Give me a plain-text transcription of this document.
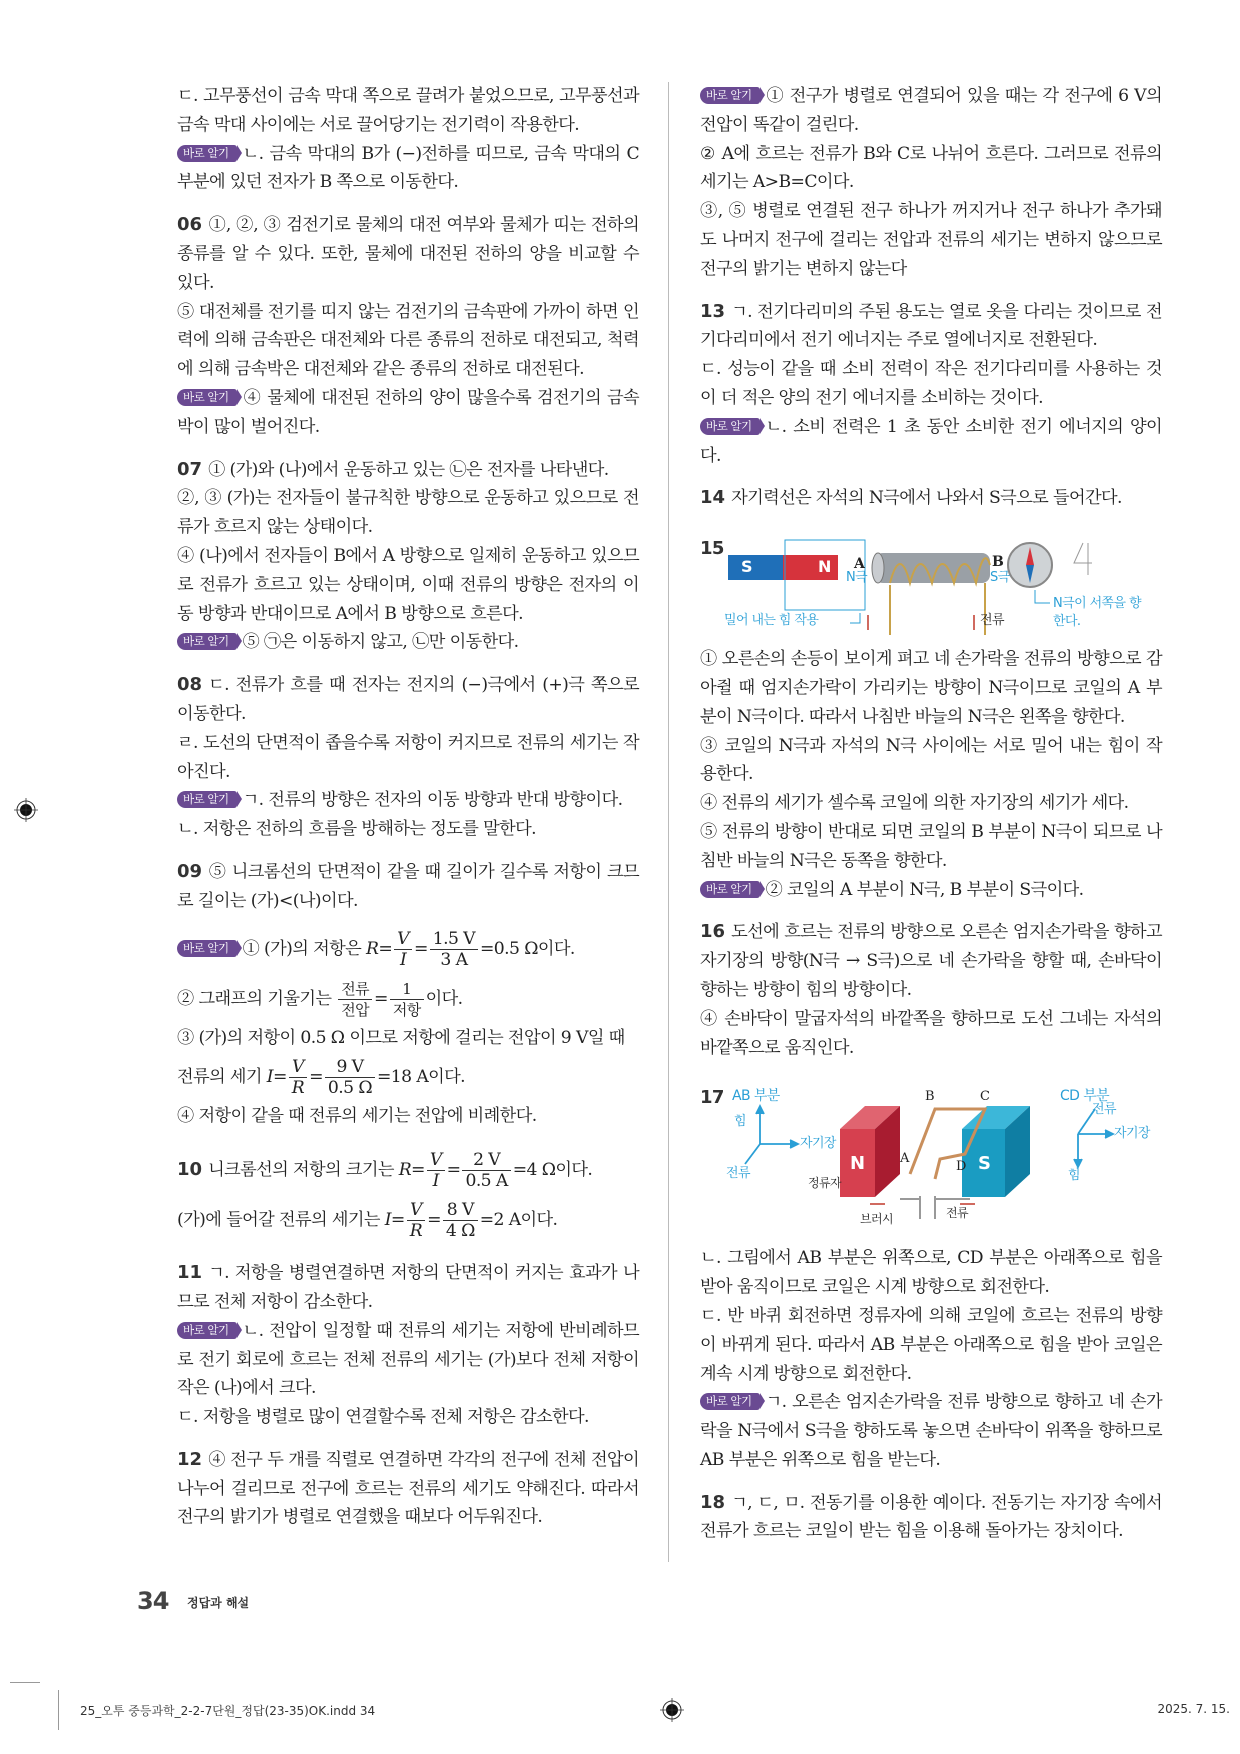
ㄷ. 고무풍선이 금속 막대 쪽으로 끌려가 붙었으므로, 고무풍선과 금속 막대 사이에는 서로 끌어당기는 전기력이 작용한다.

바로 알기 ㄴ. 금속 막대의 B가 (−)전하를 띠므로, 금속 막대의 C 부분에 있던 전자가 B 쪽으로 이동한다.

06 ①, ②, ③ 검전기로 물체의 대전 여부와 물체가 띠는 전하의 종류를 알 수 있다. 또한, 물체에 대전된 전하의 양을 비교할 수 있다.

⑤ 대전체를 전기를 띠지 않는 검전기의 금속판에 가까이 하면 인력에 의해 금속판은 대전체와 다른 종류의 전하로 대전되고, 척력에 의해 금속박은 대전체와 같은 종류의 전하로 대전된다.

바로 알기 ④ 물체에 대전된 전하의 양이 많을수록 검전기의 금속박이 많이 벌어진다.

07 ① (가)와 (나)에서 운동하고 있는 ㉡은 전자를 나타낸다.

②, ③ (가)는 전자들이 불규칙한 방향으로 운동하고 있으므로 전류가 흐르지 않는 상태이다.

④ (나)에서 전자들이 B에서 A 방향으로 일제히 운동하고 있으므로 전류가 흐르고 있는 상태이며, 이때 전류의 방향은 전자의 이동 방향과 반대이므로 A에서 B 방향으로 흐른다.

바로 알기 ⑤ ㉠은 이동하지 않고, ㉡만 이동한다.

08 ㄷ. 전류가 흐를 때 전자는 전지의 (−)극에서 (+)극 쪽으로 이동한다.

ㄹ. 도선의 단면적이 좁을수록 저항이 커지므로 전류의 세기는 작아진다.

바로 알기 ㄱ. 전류의 방향은 전자의 이동 방향과 반대 방향이다.

ㄴ. 저항은 전하의 흐름을 방해하는 정도를 말한다.

09 ⑤ 니크롬선의 단면적이 같을 때 길이가 길수록 저항이 크므로 길이는 (가)<(나)이다.

바로 알기 ① (가)의 저항은 $R= \frac{V}{I} = \frac{1.5 V}{3 A} =0.5$ Ω이다.

② 그래프의 기울기는 $\frac{\text{전류}}{\text{전압}} = \frac{1}{\text{저항}}$ 이다.

③ (가)의 저항이 0.5 Ω 이므로 저항에 걸리는 전압이 9 V일 때

전류의 세기 $I= \frac{V}{R} = \frac{9 V}{0.5 \Omega} =18$ A이다.

④ 저항이 같을 때 전류의 세기는 전압에 비례한다.

10 니크롬선의 저항의 크기는 $R= \frac{V}{I} = \frac{2 V}{0.5 A} =4$ Ω이다.

(가)에 들어갈 전류의 세기는 $I= \frac{V}{R} = \frac{8 V}{4 \Omega} =2$ A이다.

11 ㄱ. 저항을 병렬연결하면 저항의 단면적이 커지는 효과가 나므로 전체 저항이 감소한다.

바로 알기 ㄴ. 전압이 일정할 때 전류의 세기는 저항에 반비례하므로 전기 회로에 흐르는 전체 전류의 세기는 (가)보다 전체 저항이 작은 (나)에서 크다.

ㄷ. 저항을 병렬로 많이 연결할수록 전체 저항은 감소한다.

12 ④ 전구 두 개를 직렬로 연결하면 각각의 전구에 전체 전압이 나누어 걸리므로 전구에 흐르는 전류의 세기도 약해진다. 따라서 전구의 밝기가 병렬로 연결했을 때보다 어두워진다.

바로 알기 ① 전구가 병렬로 연결되어 있을 때는 각 전구에 6 V의 전압이 똑같이 걸린다.

② A에 흐르는 전류가 B와 C로 나뉘어 흐른다. 그러므로 전류의 세기는 A>B=C이다.

③, ⑤ 병렬로 연결된 전구 하나가 꺼지거나 전구 하나가 추가돼도 나머지 전구에 걸리는 전압과 전류의 세기는 변하지 않으므로 전구의 밝기는 변하지 않는다

13 ㄱ. 전기다리미의 주된 용도는 열로 옷을 다리는 것이므로 전기다리미에서 전기 에너지는 주로 열에너지로 전환된다.

ㄷ. 성능이 같을 때 소비 전력이 작은 전기다리미를 사용하는 것이 더 적은 양의 전기 에너지를 소비하는 것이다.

바로 알기 ㄴ. 소비 전력은 1 초 동안 소비한 전기 에너지의 양이다.

14 자기력선은 자석의 N극에서 나와서 S극으로 들어간다.

15
S	N A
N극
B
S극
밀어 내는 힘 작용	전류
N극이 서쪽을 향한다.

① 오른손의 손등이 보이게 펴고 네 손가락을 전류의 방향으로 감아쥘 때 엄지손가락이 가리키는 방향이 N극이므로 코일의 A 부분이 N극이다. 따라서 나침반 바늘의 N극은 왼쪽을 향한다.

③ 코일의 N극과 자석의 N극 사이에는 서로 밀어 내는 힘이 작용한다.

④ 전류의 세기가 셀수록 코일에 의한 자기장의 세기가 세다.

⑤ 전류의 방향이 반대로 되면 코일의 B 부분이 N극이 되므로 나침반 바늘의 N극은 동쪽을 향한다.

바로 알기 ② 코일의 A 부분이 N극, B 부분이 S극이다.

16 도선에 흐르는 전류의 방향으로 오른손 엄지손가락을 향하고 자기장의 방향(N극 → S극)으로 네 손가락을 향할 때, 손바닥이 향하는 방향이 힘의 방향이다.

④ 손바닥이 말굽자석의 바깥쪽을 향하므로 도선 그네는 자석의 바깥쪽으로 움직인다.

17 AB 부분
힘
자기장
전류	N	S
A
B	C
D
정류자
브러시	전류
CD 부분
전류
자기장
힘

ㄴ. 그림에서 AB 부분은 위쪽으로, CD 부분은 아래쪽으로 힘을 받아 움직이므로 코일은 시계 방향으로 회전한다.

ㄷ. 반 바퀴 회전하면 정류자에 의해 코일에 흐르는 전류의 방향이 바뀌게 된다. 따라서 AB 부분은 아래쪽으로 힘을 받아 코일은 계속 시계 방향으로 회전한다.

바로 알기 ㄱ. 오른손 엄지손가락을 전류 방향으로 향하고 네 손가락을 N극에서 S극을 향하도록 놓으면 손바닥이 위쪽을 향하므로 AB 부분은 위쪽으로 힘을 받는다.

18 ㄱ, ㄷ, ㅁ. 전동기를 이용한 예이다. 전동기는 자기장 속에서 전류가 흐르는 코일이 받는 힘을 이용해 돌아가는 장치이다.

34 정답과 해설
25_오투 중등과학_2-2-7단원_정답(23-35)OK.indd 34	2025. 7. 15.
